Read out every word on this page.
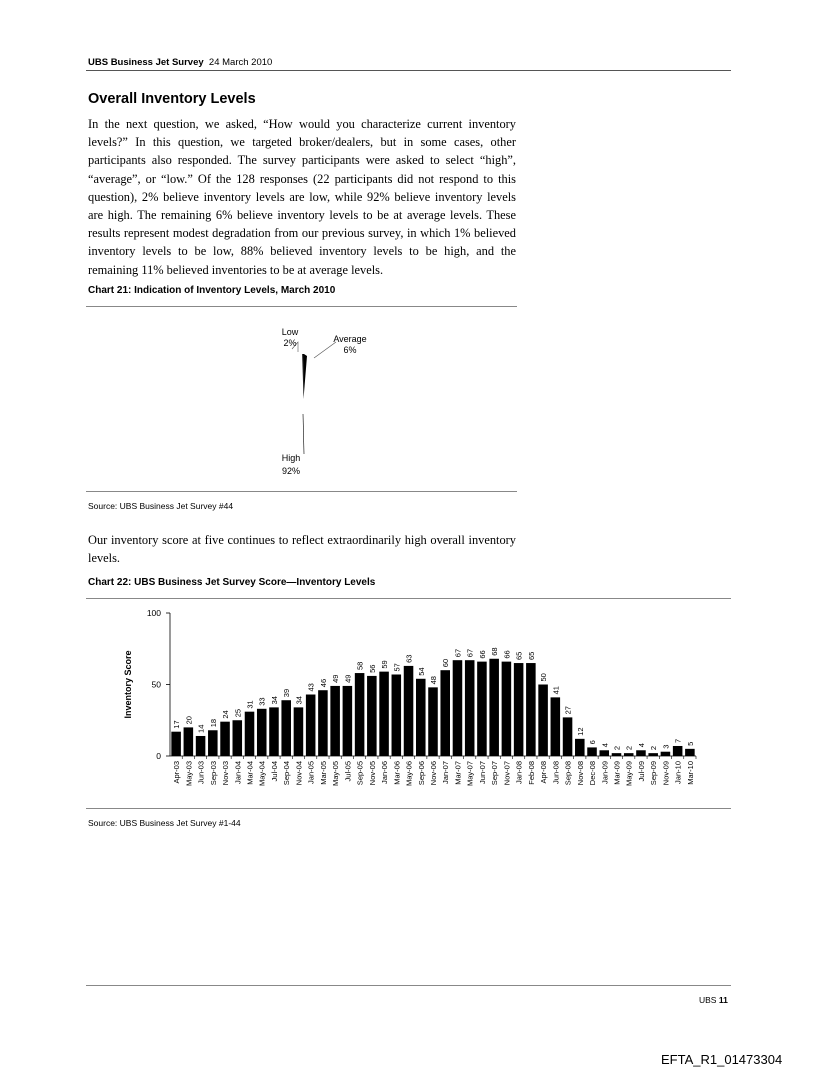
UBS Business Jet Survey 24 March 2010
Overall Inventory Levels

In the next question, we asked, “How would you characterize current inventory levels?” In this question, we targeted broker/dealers, but in some cases, other participants also responded. The survey participants were asked to select “high”, “average”, or “low.” Of the 128 responses (22 participants did not respond to this question), 2% believe inventory levels are low, while 92% believe inventory levels are high. The remaining 6% believe inventory levels to be at average levels. These results represent modest degradation from our previous survey, in which 1% believed inventory levels to be low, 88% believed inventory levels to be high, and the remaining 11% believed inventories to be at average levels.

Chart 21: Indication of Inventory Levels, March 2010
Low
2%	Average
6%
High
92%
Source: UBS Business Jet Survey #44

Our inventory score at five continues to reflect extraordinarily high overall inventory levels.

Chart 22: UBS Business Jet Survey Score—Inventory Levels
0
50
100
Inventory Score
17
Apr-03
20
May-03
14
Jun-03
18
Sep-03
24
Nov-03
25
Jan-04
31
Mar-04
33
May-04
34
Jul-04
39
Sep-04
34
Nov-04
43
Jan-05
46
Mar-05
49
May-05
49
Jul-05
58
Sep-05
56
Nov-05
59
Jan-06
57
Mar-06
63
May-06
54
Sep-06
48
Nov-06
60
Jan-07
67
Mar-07
67
May-07
66
Jun-07
68
Sep-07
66
Nov-07
65
Jan-08
65
Feb-08
50
Apr-08
41
Jun-08
27
Sep-08
12
Nov-08
6
Dec-08
4
Jan-09
2
Mar-09
2
May-09
4
Jul-09
2
Sep-09
3
Nov-09
7
Jan-10
5
Mar-10
Source: UBS Business Jet Survey #1-44
UBS 11
EFTA_R1_01473304
